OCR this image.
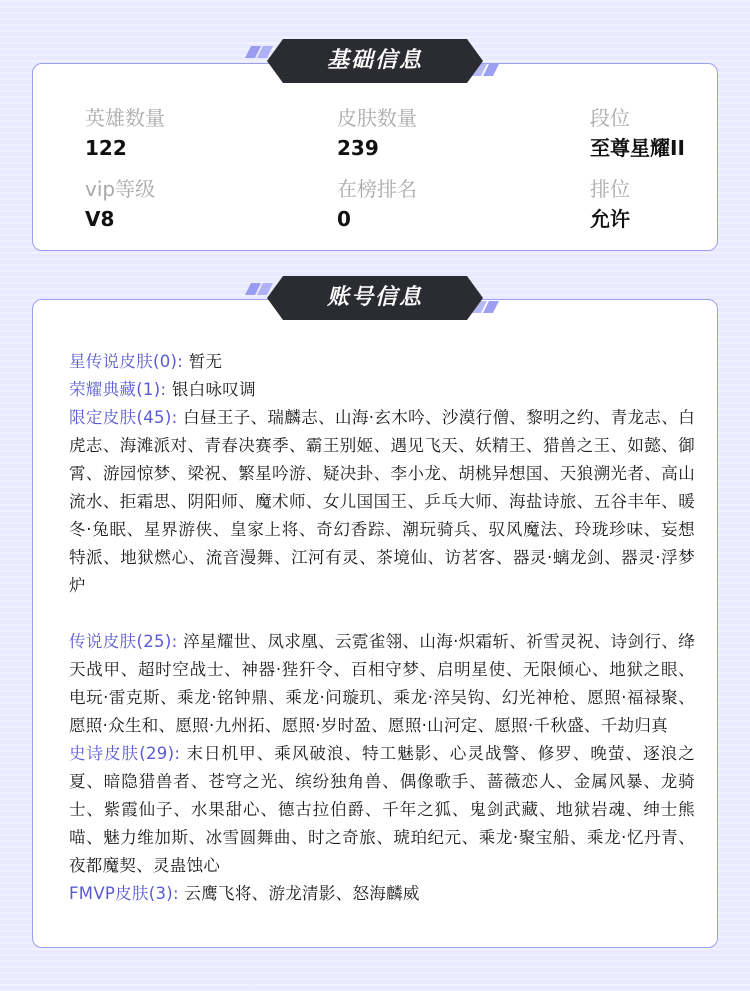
英雄数量
122
皮肤数量
239
段位
至尊星耀II
vip等级
V8
在榜排名
0
排位
允许
基础信息

星传说皮肤(0): 暂无

荣耀典藏(1): 银白咏叹调

限定皮肤(45): 白昼王子、瑞麟志、山海·玄木吟、沙漠行僧、黎明之约、青龙志、白虎志、海滩派对、青春决赛季、霸王别姬、遇见飞天、妖精王、猎兽之王、如懿、御霄、游园惊梦、梁祝、繁星吟游、疑决卦、李小龙、胡桃异想国、天狼溯光者、高山流水、拒霜思、阴阳师、魔术师、女儿国国王、乒乓大师、海盐诗旅、五谷丰年、暖冬·兔眠、星界游侠、皇家上将、奇幻香踪、潮玩骑兵、驭风魔法、玲珑珍味、妄想特派、地狱燃心、流音漫舞、江河有灵、茶境仙、访茗客、器灵·螭龙剑、器灵·浮梦炉

传说皮肤(25): 淬星耀世、凤求凰、云霓雀翎、山海·炽霜斩、祈雪灵祝、诗剑行、绛天战甲、超时空战士、神器·狴犴令、百相守梦、启明星使、无限倾心、地狱之眼、电玩·雷克斯、乘龙·铭钟鼎、乘龙·问璇玑、乘龙·淬吴钩、幻光神枪、愿照·福禄聚、愿照·众生和、愿照·九州拓、愿照·岁时盈、愿照·山河定、愿照·千秋盛、千劫归真

史诗皮肤(29): 末日机甲、乘风破浪、特工魅影、心灵战警、修罗、晚萤、逐浪之夏、暗隐猎兽者、苍穹之光、缤纷独角兽、偶像歌手、蔷薇恋人、金属风暴、龙骑士、紫霞仙子、水果甜心、德古拉伯爵、千年之狐、鬼剑武藏、地狱岩魂、绅士熊喵、魅力维加斯、冰雪圆舞曲、时之奇旅、琥珀纪元、乘龙·聚宝船、乘龙·忆丹青、夜都魔契、灵蛊蚀心

FMVP皮肤(3): 云鹰飞将、游龙清影、怒海麟威

账号信息
